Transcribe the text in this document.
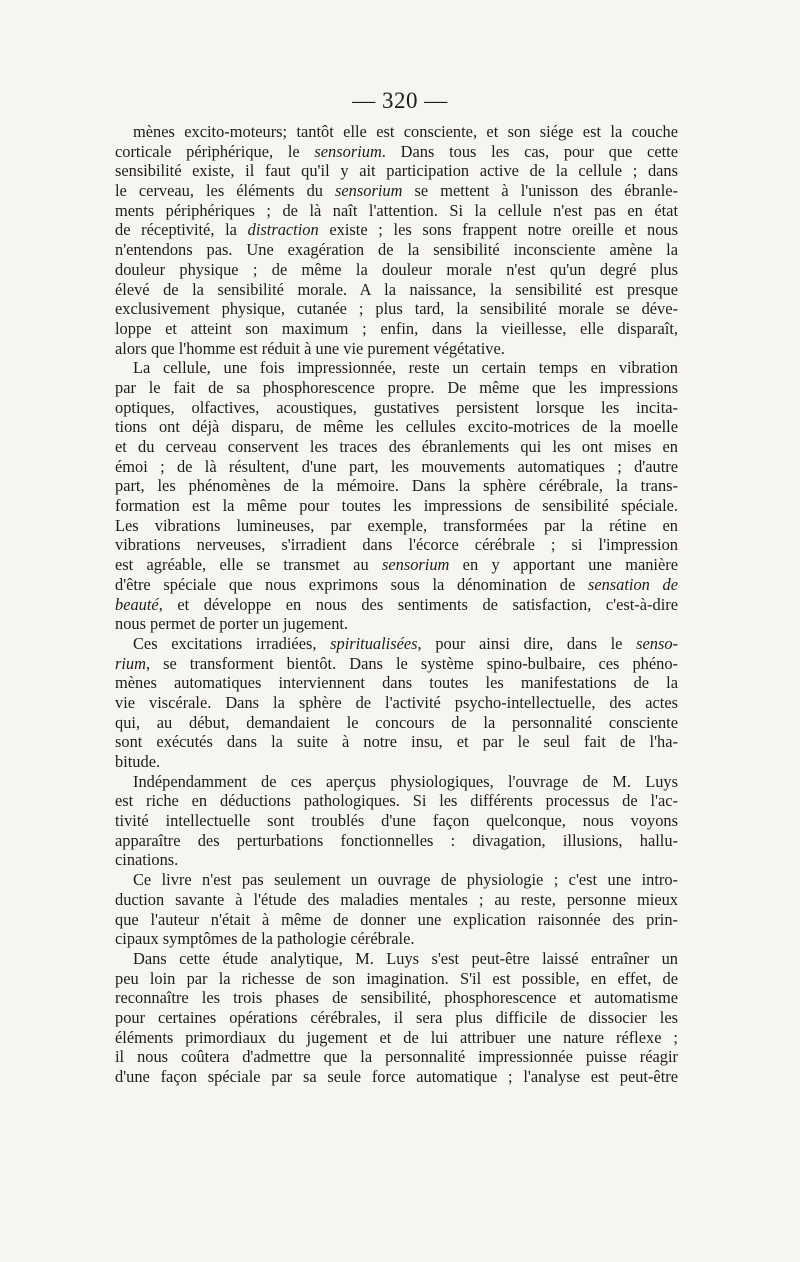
— 320 —
mènes excito-moteurs; tantôt elle est consciente, et son siége est la couche
corticale périphérique, le sensorium. Dans tous les cas, pour que cette
sensibilité existe, il faut qu'il y ait participation active de la cellule ; dans
le cerveau, les éléments du sensorium se mettent à l'unisson des ébranle-
ments périphériques ; de là naît l'attention. Si la cellule n'est pas en état
de réceptivité, la distraction existe ; les sons frappent notre oreille et nous
n'entendons pas. Une exagération de la sensibilité inconsciente amène la
douleur physique ; de même la douleur morale n'est qu'un degré plus
élevé de la sensibilité morale. A la naissance, la sensibilité est presque
exclusivement physique, cutanée ; plus tard, la sensibilité morale se déve-
loppe et atteint son maximum ; enfin, dans la vieillesse, elle disparaît,
alors que l'homme est réduit à une vie purement végétative.
La cellule, une fois impressionnée, reste un certain temps en vibration
par le fait de sa phosphorescence propre. De même que les impressions
optiques, olfactives, acoustiques, gustatives persistent lorsque les incita-
tions ont déjà disparu, de même les cellules excito-motrices de la moelle
et du cerveau conservent les traces des ébranlements qui les ont mises en
émoi ; de là résultent, d'une part, les mouvements automatiques ; d'autre
part, les phénomènes de la mémoire. Dans la sphère cérébrale, la trans-
formation est la même pour toutes les impressions de sensibilité spéciale.
Les vibrations lumineuses, par exemple, transformées par la rétine en
vibrations nerveuses, s'irradient dans l'écorce cérébrale ; si l'impression
est agréable, elle se transmet au sensorium en y apportant une manière
d'être spéciale que nous exprimons sous la dénomination de sensation de
beauté, et développe en nous des sentiments de satisfaction, c'est-à-dire
nous permet de porter un jugement.
Ces excitations irradiées, spiritualisées, pour ainsi dire, dans le senso-
rium, se transforment bientôt. Dans le système spino-bulbaire, ces phéno-
mènes automatiques interviennent dans toutes les manifestations de la
vie viscérale. Dans la sphère de l'activité psycho-intellectuelle, des actes
qui, au début, demandaient le concours de la personnalité consciente
sont exécutés dans la suite à notre insu, et par le seul fait de l'ha-
bitude.
Indépendamment de ces aperçus physiologiques, l'ouvrage de M. Luys
est riche en déductions pathologiques. Si les différents processus de l'ac-
tivité intellectuelle sont troublés d'une façon quelconque, nous voyons
apparaître des perturbations fonctionnelles : divagation, illusions, hallu-
cinations.
Ce livre n'est pas seulement un ouvrage de physiologie ; c'est une intro-
duction savante à l'étude des maladies mentales ; au reste, personne mieux
que l'auteur n'était à même de donner une explication raisonnée des prin-
cipaux symptômes de la pathologie cérébrale.
Dans cette étude analytique, M. Luys s'est peut-être laissé entraîner un
peu loin par la richesse de son imagination. S'il est possible, en effet, de
reconnaître les trois phases de sensibilité, phosphorescence et automatisme
pour certaines opérations cérébrales, il sera plus difficile de dissocier les
éléments primordiaux du jugement et de lui attribuer une nature réflexe ;
il nous coûtera d'admettre que la personnalité impressionnée puisse réagir
d'une façon spéciale par sa seule force automatique ; l'analyse est peut-être
